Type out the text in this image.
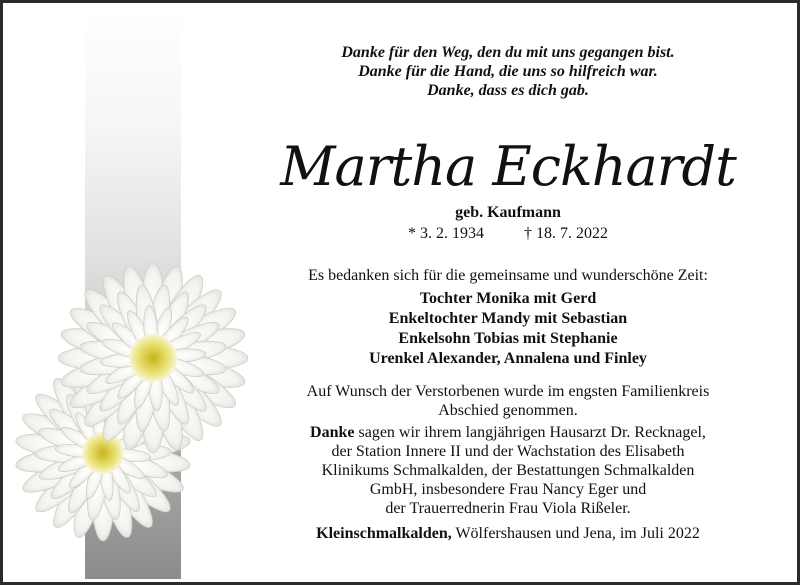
Danke für den Weg, den du mit uns gegangen bist.
Danke für die Hand, die uns so hilfreich war.
Danke, dass es dich gab.
Martha Eckhardt
geb. Kaufmann
* 3. 2. 1934	† 18. 7. 2022
Es bedanken sich für die gemeinsame und wunderschöne Zeit:
Tochter Monika mit Gerd
Enkeltochter Mandy mit Sebastian
Enkelsohn Tobias mit Stephanie
Urenkel Alexander, Annalena und Finley
Auf Wunsch der Verstorbenen wurde im engsten Familienkreis
Abschied genommen.
Danke sagen wir ihrem langjährigen Hausarzt Dr. Recknagel,
der Station Innere II und der Wachstation des Elisabeth
Klinikums Schmalkalden, der Bestattungen Schmalkalden
GmbH, insbesondere Frau Nancy Eger und
der Trauerrednerin Frau Viola Rißeler.
Kleinschmalkalden, Wölfershausen und Jena, im Juli 2022
